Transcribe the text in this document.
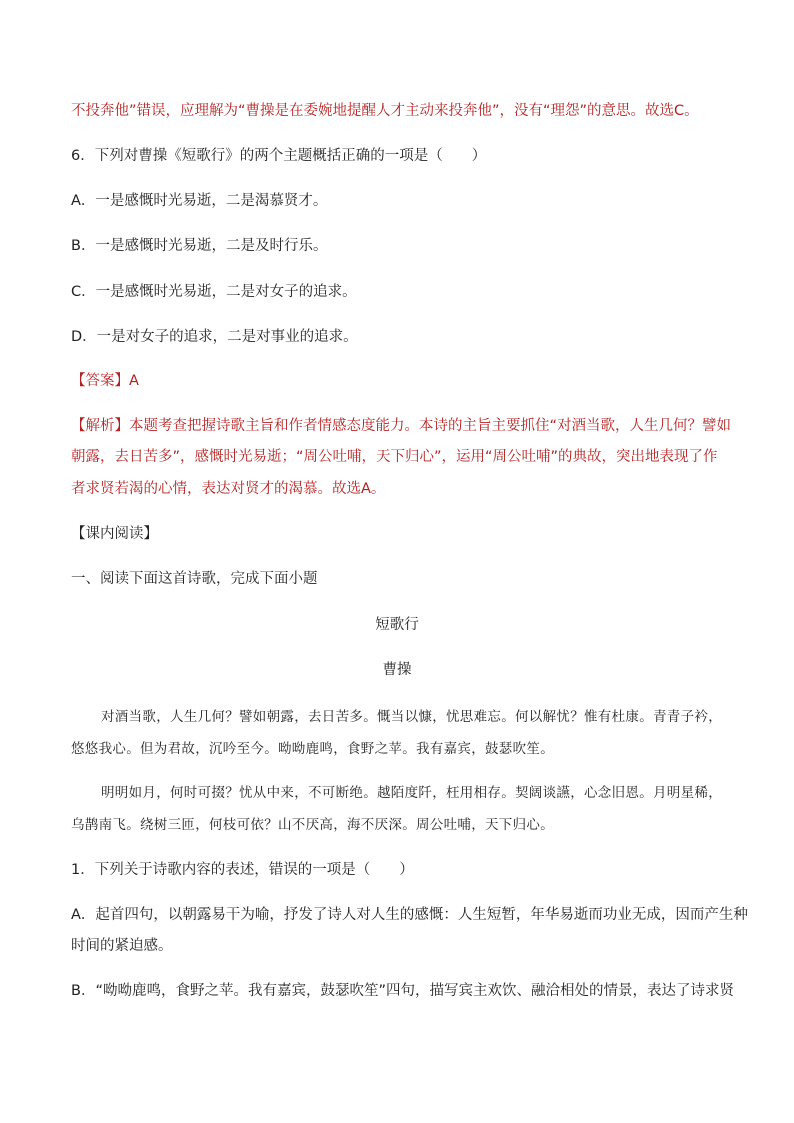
不投奔他”错误，应理解为“曹操是在委婉地提醒人才主动来投奔他”，没有“理怨”的意思。故选C。
6．下列对曹操《短歌行》的两个主题概括正确的一项是（　　）
A．一是感慨时光易逝，二是渴慕贤才。
B．一是感慨时光易逝，二是及时行乐。
C．一是感慨时光易逝，二是对女子的追求。
D．一是对女子的追求，二是对事业的追求。
【答案】A
【解析】本题考查把握诗歌主旨和作者情感态度能力。本诗的主旨主要抓住“对酒当歌，人生几何？譬如
朝露，去日苦多”，感慨时光易逝；“周公吐哺，天下归心”，运用“周公吐哺”的典故，突出地表现了作
者求贤若渴的心情，表达对贤才的渴慕。故选A。
【课内阅读】
一、阅读下面这首诗歌，完成下面小题
短歌行
曹操
对酒当歌，人生几何？譬如朝露，去日苦多。慨当以慷，忧思难忘。何以解忧？惟有杜康。青青子衿，
悠悠我心。但为君故，沉吟至今。呦呦鹿鸣，食野之苹。我有嘉宾，鼓瑟吹笙。
明明如月，何时可掇？忧从中来，不可断绝。越陌度阡，枉用相存。契阔谈讌，心念旧恩。月明星稀，
乌鹊南飞。绕树三匝，何枝可依？山不厌高，海不厌深。周公吐哺，天下归心。
1．下列关于诗歌内容的表述，错误的一项是（　　）
A．起首四句，以朝露易干为喻，抒发了诗人对人生的感慨：人生短暂，年华易逝而功业无成，因而产生种
时间的紧迫感。
B．“呦呦鹿鸣，食野之苹。我有嘉宾，鼓瑟吹笙”四句，描写宾主欢饮、融洽相处的情景，表达了诗求贤
